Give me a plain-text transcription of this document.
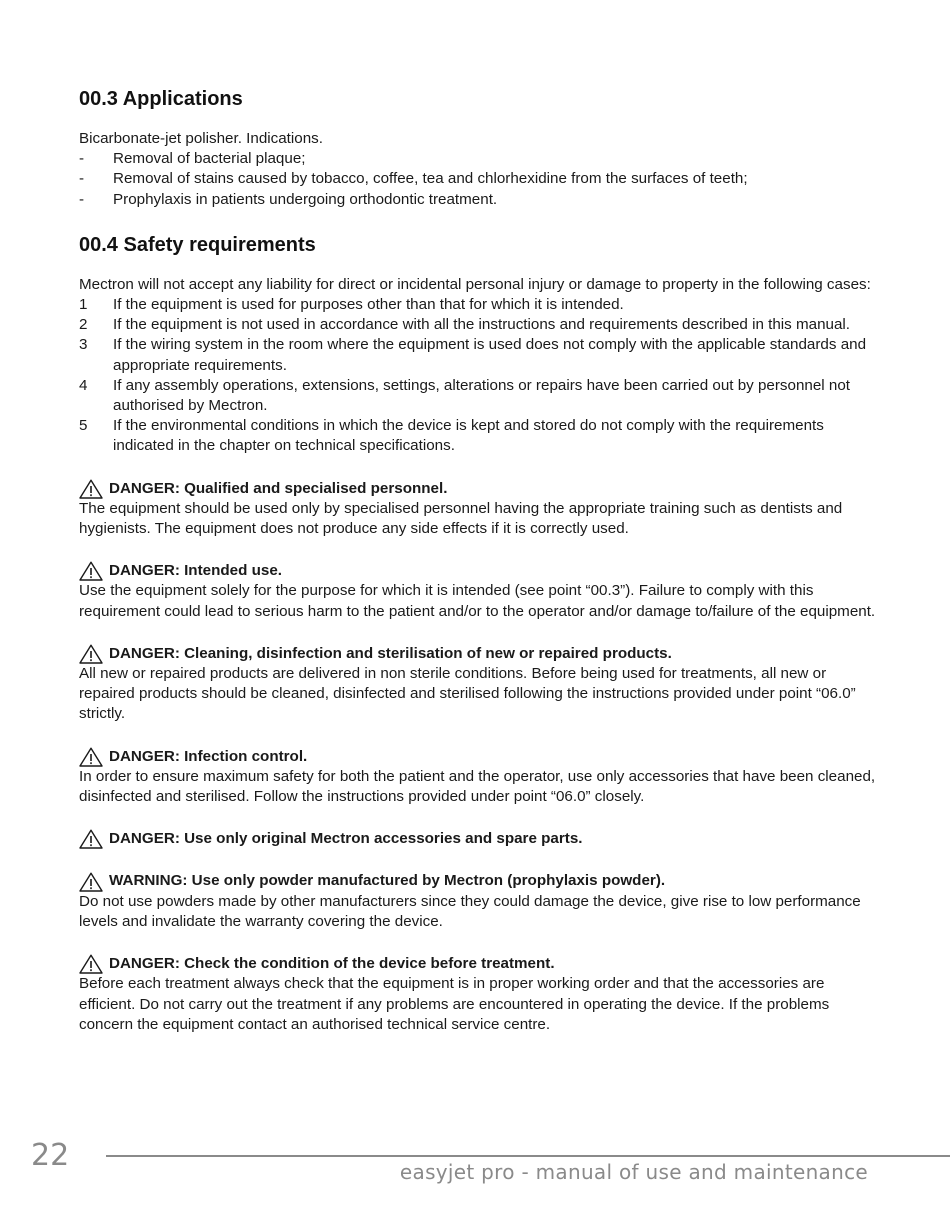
00.3 Applications

Bicarbonate-jet polisher. Indications.

- Removal of bacterial plaque;
- Removal of stains caused by tobacco, coffee, tea and chlorhexidine from the surfaces of teeth;
- Prophylaxis in patients undergoing orthodontic treatment.
00.4 Safety requirements

Mectron will not accept any liability for direct or incidental personal injury or damage to property in the following cases:

1 If the equipment is used for purposes other than that for which it is intended.
2 If the equipment is not used in accordance with all the instructions and requirements described in this manual.
3 If the wiring system in the room where the equipment is used does not comply with the applicable standards and appropriate requirements.
4 If any assembly operations, extensions, settings, alterations or repairs have been carried out by personnel not authorised by Mectron.
5 If the environmental conditions in which the device is kept and stored do not comply with the requirements indicated in the chapter on technical specifications.
DANGER: Qualified and specialised personnel.

The equipment should be used only by specialised personnel having the appropriate training such as dentists and hygienists. The equipment does not produce any side effects if it is correctly used.

DANGER: Intended use.

Use the equipment solely for the purpose for which it is intended (see point “00.3”). Failure to comply with this requirement could lead to serious harm to the patient and/or to the operator and/or damage to/failure of the equipment.

DANGER: Cleaning, disinfection and sterilisation of new or repaired products.

All new or repaired products are delivered in non sterile conditions. Before being used for treatments, all new or repaired products should be cleaned, disinfected and sterilised following the instructions provided under point “06.0” strictly.

DANGER: Infection control.

In order to ensure maximum safety for both the patient and the operator, use only accessories that have been cleaned, disinfected and sterilised. Follow the instructions provided under point “06.0” closely.

DANGER: Use only original Mectron accessories and spare parts.
WARNING: Use only powder manufactured by Mectron (prophylaxis powder).

Do not use powders made by other manufacturers since they could damage the device, give rise to low performance levels and invalidate the warranty covering the device.

DANGER: Check the condition of the device before treatment.

Before each treatment always check that the equipment is in proper working order and that the accessories are efficient. Do not carry out the treatment if any problems are encountered in operating the device. If the problems concern the equipment contact an authorised technical service centre.

22	easyjet pro - manual of use and maintenance
